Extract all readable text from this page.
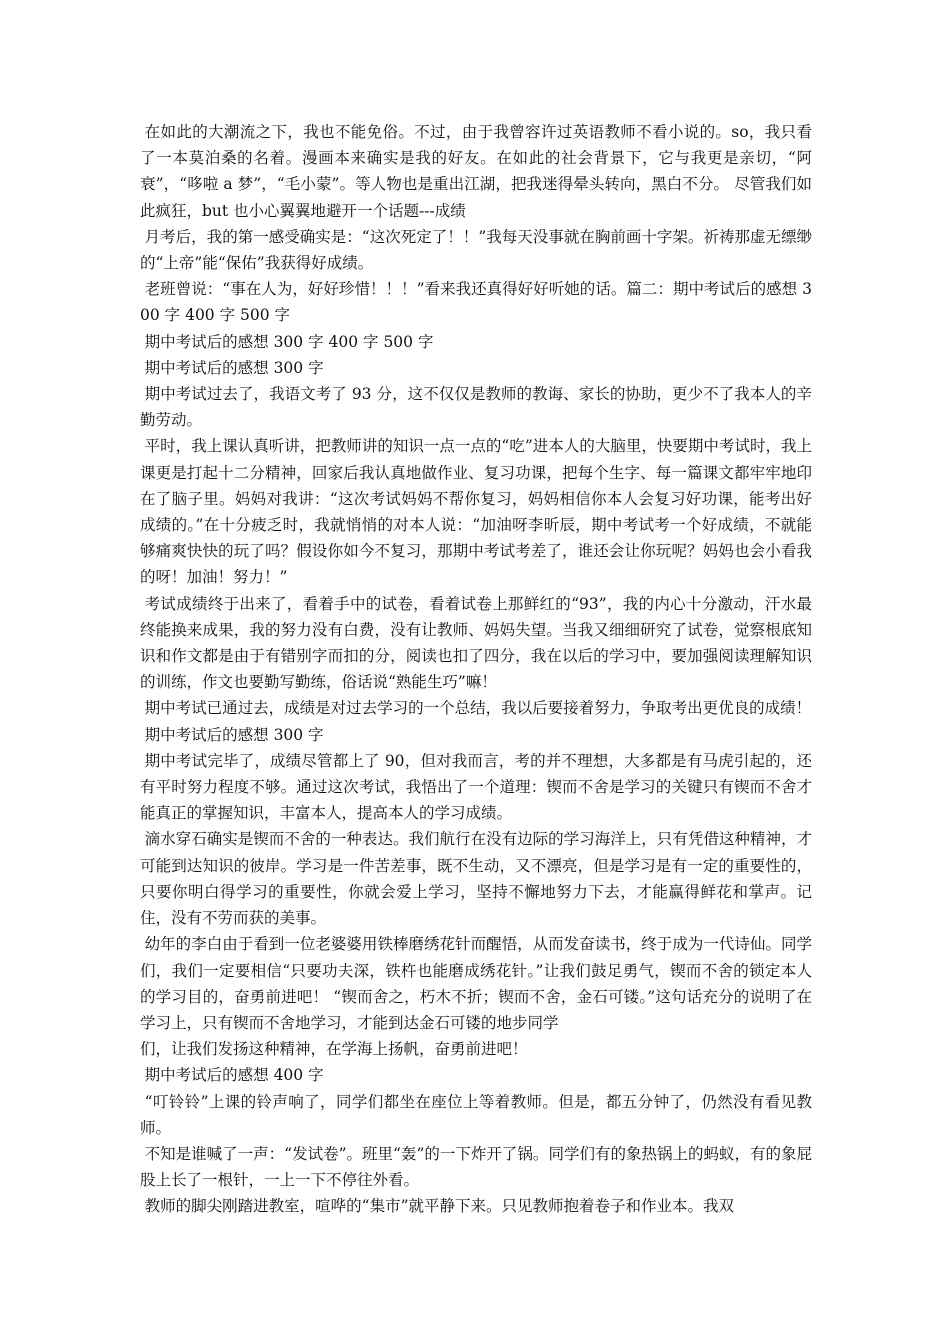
在如此的大潮流之下，我也不能免俗。不过，由于我曾容许过英语教师不看小说的。so，我只看了一本莫泊桑的名着。漫画本来确实是我的好友。在如此的社会背景下，它与我更是亲切，“阿衰”，“哆啦 a 梦”，“毛小蒙”。等人物也是重出江湖，把我迷得晕头转向，黑白不分。 尽管我们如此疯狂，but 也小心翼翼地避开一个话题---成绩

月考后，我的第一感受确实是：“这次死定了！！”我每天没事就在胸前画十字架。祈祷那虚无缥缈的“上帝”能“保佑”我获得好成绩。

老班曾说：“事在人为，好好珍惜！！！”看来我还真得好好听她的话。篇二：期中考试后的感想 300 字 400 字 500 字

期中考试后的感想 300 字 400 字 500 字

期中考试后的感想 300 字

期中考试过去了，我语文考了 93 分，这不仅仅是教师的教诲、家长的协助，更少不了我本人的辛勤劳动。

平时，我上课认真听讲，把教师讲的知识一点一点的“吃”进本人的大脑里，快要期中考试时，我上课更是打起十二分精神，回家后我认真地做作业、复习功课，把每个生字、每一篇课文都牢牢地印在了脑子里。妈妈对我讲：“这次考试妈妈不帮你复习，妈妈相信你本人会复习好功课，能考出好成绩的。”在十分疲乏时，我就悄悄的对本人说：“加油呀李昕辰，期中考试考一个好成绩，不就能够痛爽快快的玩了吗？假设你如今不复习，那期中考试考差了，谁还会让你玩呢？妈妈也会小看我的呀！加油！努力！”

考试成绩终于出来了，看着手中的试卷，看着试卷上那鲜红的“93”，我的内心十分激动，汗水最终能换来成果，我的努力没有白费，没有让教师、妈妈失望。当我又细细研究了试卷，觉察根底知识和作文都是由于有错别字而扣的分，阅读也扣了四分，我在以后的学习中，要加强阅读理解知识的训练，作文也要勤写勤练，俗话说“熟能生巧”嘛！

期中考试已通过去，成绩是对过去学习的一个总结，我以后要接着努力，争取考出更优良的成绩！

期中考试后的感想 300 字

期中考试完毕了，成绩尽管都上了 90，但对我而言，考的并不理想，大多都是有马虎引起的，还有平时努力程度不够。通过这次考试，我悟出了一个道理：锲而不舍是学习的关键只有锲而不舍才能真正的掌握知识，丰富本人，提高本人的学习成绩。

滴水穿石确实是锲而不舍的一种表达。我们航行在没有边际的学习海洋上，只有凭借这种精神，才可能到达知识的彼岸。学习是一件苦差事，既不生动，又不漂亮，但是学习是有一定的重要性的，只要你明白得学习的重要性，你就会爱上学习，坚持不懈地努力下去，才能赢得鲜花和掌声。记住，没有不劳而获的美事。

幼年的李白由于看到一位老婆婆用铁棒磨绣花针而醒悟，从而发奋读书，终于成为一代诗仙。同学们，我们一定要相信“只要功夫深，铁杵也能磨成绣花针。”让我们鼓足勇气，锲而不舍的锁定本人的学习目的，奋勇前进吧！ “锲而舍之，朽木不折；锲而不舍，金石可镂。”这句话充分的说明了在学习上，只有锲而不舍地学习，才能到达金石可镂的地步同学

们，让我们发扬这种精神，在学海上扬帆，奋勇前进吧！

期中考试后的感想 400 字

“叮铃铃”上课的铃声响了，同学们都坐在座位上等着教师。但是，都五分钟了，仍然没有看见教师。

不知是谁喊了一声：“发试卷”。班里“轰”的一下炸开了锅。同学们有的象热锅上的蚂蚁，有的象屁股上长了一根针，一上一下不停往外看。

教师的脚尖刚踏进教室，喧哗的“集市”就平静下来。只见教师抱着卷子和作业本。我双
